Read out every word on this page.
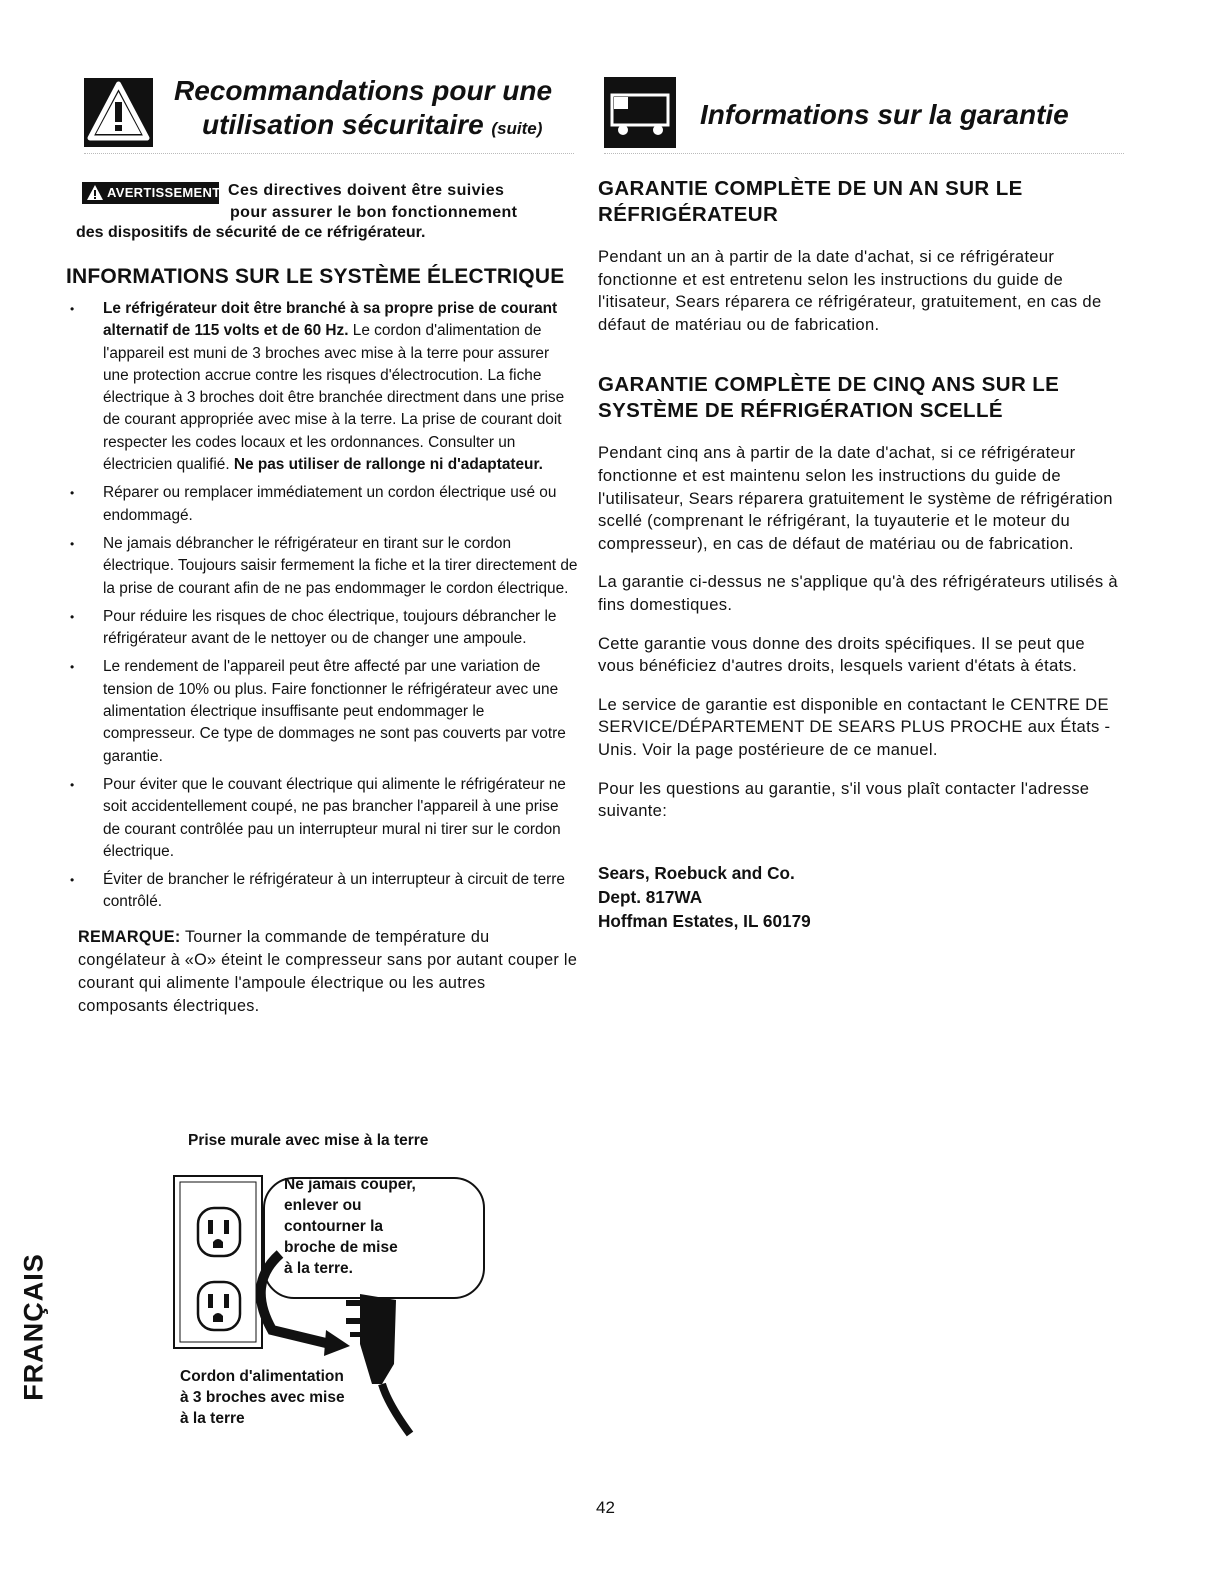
Recommandations pour une
utilisation sécuritaire (suite)	Informations sur la garantie
AVERTISSEMENT Ces directives doivent être suivies
pour assurer le bon fonctionnement
des dispositifs de sécurité de ce réfrigérateur.
INFORMATIONS SUR LE SYSTÈME ÉLECTRIQUE
• Le réfrigérateur doit être branché à sa propre prise de courant alternatif de 115 volts et de 60 Hz. Le cordon d'alimentation de l'appareil est muni de 3 broches avec mise à la terre pour assurer une protection accrue contre les risques d'électrocution. La fiche électrique à 3 broches doit être branchée directment dans une prise de courant appropriée avec mise à la terre. La prise de courant doit respecter les codes locaux et les ordonnances. Consulter un électricien qualifié. Ne pas utiliser de rallonge ni d'adaptateur.
• Réparer ou remplacer immédiatement un cordon électrique usé ou endommagé.
• Ne jamais débrancher le réfrigérateur en tirant sur le cordon électrique. Toujours saisir fermement la fiche et la tirer directement de la prise de courant afin de ne pas endommager le cordon électrique.
• Pour réduire les risques de choc électrique, toujours débrancher le réfrigérateur avant de le nettoyer ou de changer une ampoule.
• Le rendement de l'appareil peut être affecté par une variation de tension de 10% ou plus. Faire fonctionner le réfrigérateur avec une alimentation électrique insuffisante peut endommager le compresseur. Ce type de dommages ne sont pas couverts par votre garantie.
• Pour éviter que le couvant électrique qui alimente le réfrigérateur ne soit accidentellement coupé, ne pas brancher l'appareil à une prise de courant contrôlée pau un interrupteur mural ni tirer sur le cordon électrique.
• Éviter de brancher le réfrigérateur à un interrupteur à circuit de terre contrôlé.
REMARQUE: Tourner la commande de température du congélateur à «O» éteint le compresseur sans por autant couper le courant qui alimente l'ampoule électrique ou les autres composants électriques.
Prise murale avec mise à la terre
Ne jamais couper,
enlever ou
contourner la
broche de mise
à la terre.
Cordon d'alimentation
à 3 broches avec mise
à la terre
GARANTIE COMPLÈTE DE UN AN SUR LE
RÉFRIGÉRATEUR

Pendant un an à partir de la date d'achat, si ce réfrigérateur fonctionne et est entretenu selon les instructions du guide de l'itisateur, Sears réparera ce réfrigérateur, gratuitement, en cas de défaut de matériau ou de fabrication.

GARANTIE COMPLÈTE DE CINQ ANS SUR LE
SYSTÈME DE RÉFRIGÉRATION SCELLÉ

Pendant cinq ans à partir de la date d'achat, si ce réfrigérateur fonctionne et est maintenu selon les instructions du guide de l'utilisateur, Sears réparera gratuitement le système de réfrigération scellé (comprenant le réfrigérant, la tuyauterie et le moteur du compresseur), en cas de défaut de matériau ou de fabrication.

La garantie ci-dessus ne s'applique qu'à des réfrigérateurs utilisés à fins domestiques.

Cette garantie vous donne des droits spécifiques. Il se peut que vous bénéficiez d'autres droits, lesquels varient d'états à états.

Le service de garantie est disponible en contactant le CENTRE DE SERVICE/DÉPARTEMENT DE SEARS PLUS PROCHE aux États - Unis. Voir la page postérieure de ce manuel.

Pour les questions au garantie, s'il vous plaît contacter l'adresse suivante:

Sears, Roebuck and Co.
Dept. 817WA
Hoffman Estates, IL 60179
FRANÇAIS
42
